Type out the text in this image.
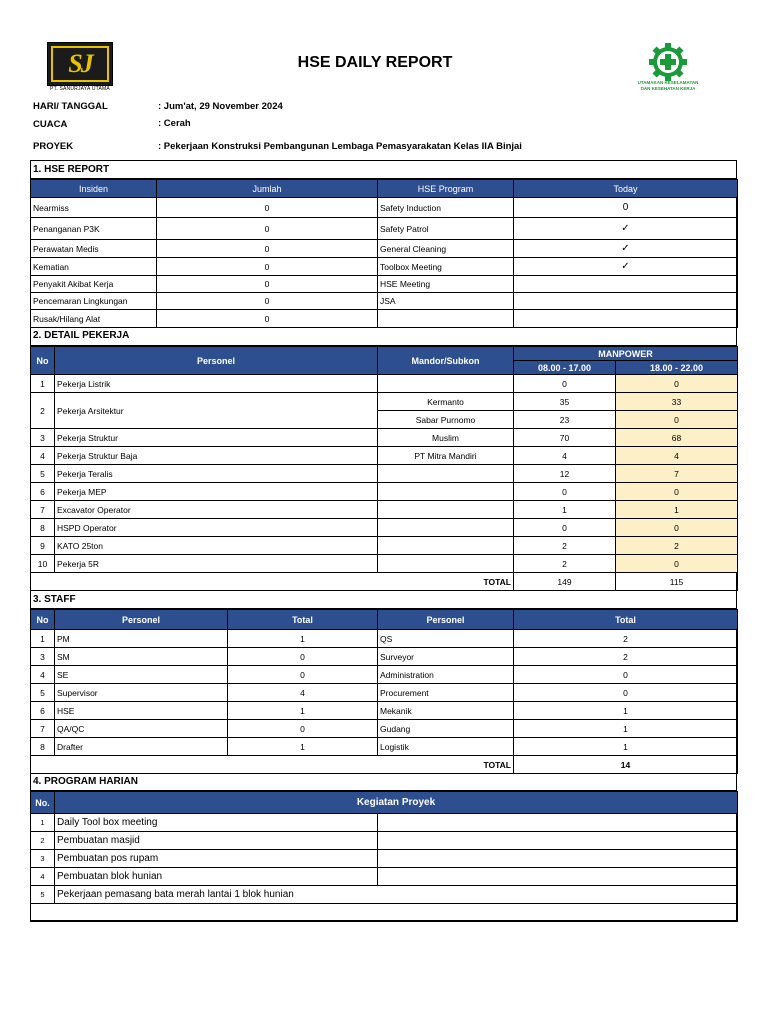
SJ
PT. SANURJAYA UTAMA
HSE DAILY REPORT
UTAMAKAN KESELAMATAN
DAN KESEHATAN KERJA
HARI/ TANGGAL	: Jum'at, 29 November 2024
CUACA	: Cerah
PROYEK	: Pekerjaan Konstruksi Pembangunan Lembaga Pemasyarakatan Kelas IIA Binjai
1. HSE REPORT
Insiden	Jumlah	HSE Program	Today
Nearmiss	0	Safety Induction	0
Penanganan P3K	0	Safety Patrol	✓
Perawatan Medis	0	General Cleaning	✓
Kematian	0	Toolbox Meeting	✓
Penyakit Akibat Kerja	0	HSE Meeting	
Pencemaran Lingkungan	0	JSA	
Rusak/Hilang Alat	0		
2. DETAIL PEKERJA
No	Personel	Mandor/Subkon	MANPOWER	
			08.00 - 17.00	18.00 - 22.00
1	Pekerja Listrik		0	0
2	Pekerja Arsitektur	Kermanto	35	33
		Sabar Purnomo	23	0
3	Pekerja Struktur	Muslim	70	68
4	Pekerja Struktur Baja	PT Mitra Mandiri	4	4
5	Pekerja Teralis		12	7
6	Pekerja MEP		0	0
7	Excavator Operator		1	1
8	HSPD Operator		0	0
9	KATO 25ton		2	2
10	Pekerja 5R		2	0
TOTAL			149	115
3. STAFF
No	Personel	Total	Personel	Total
1	PM	1	QS	2
3	SM	0	Surveyor	2
4	SE	0	Administration	0
5	Supervisor	4	Procurement	0
6	HSE	1	Mekanik	1
7	QA/QC	0	Gudang	1
8	Drafter	1	Logistik	1
TOTAL				14
4. PROGRAM HARIAN
No.	Kegiatan Proyek	
1	Daily Tool box meeting	
2	Pembuatan masjid	
3	Pembuatan pos rupam	
4	Pembuatan blok hunian	
5	Pekerjaan pemasang bata merah lantai 1 blok hunian	
